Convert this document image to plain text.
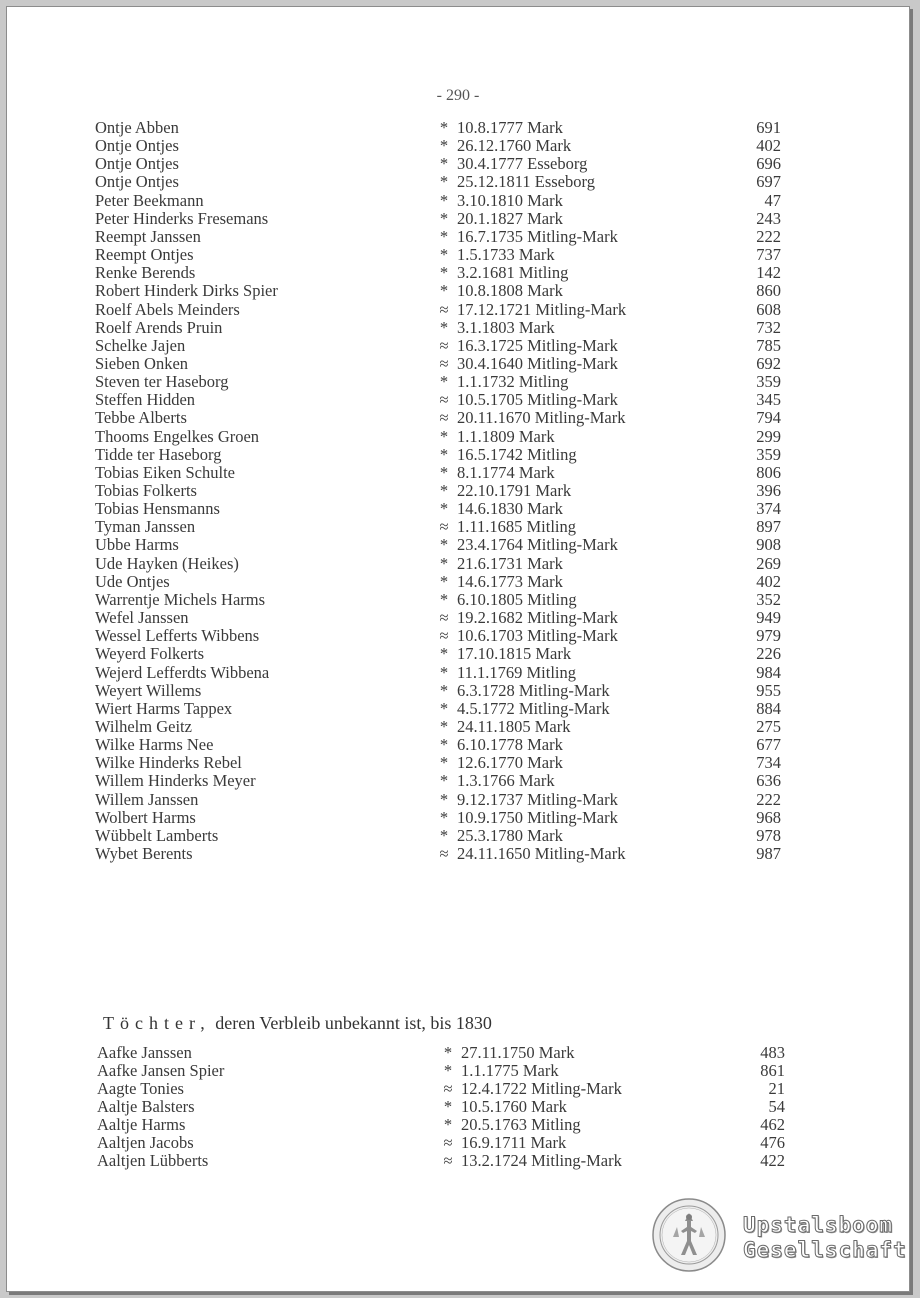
- 290 -
Ontje Abben	* 10.8.1777 Mark	691
Ontje Ontjes	* 26.12.1760 Mark	402
Ontje Ontjes	* 30.4.1777 Esseborg	696
Ontje Ontjes	* 25.12.1811 Esseborg	697
Peter Beekmann	* 3.10.1810 Mark	47
Peter Hinderks Fresemans	* 20.1.1827 Mark	243
Reempt Janssen	* 16.7.1735 Mitling-Mark	222
Reempt Ontjes	* 1.5.1733 Mark	737
Renke Berends	* 3.2.1681 Mitling	142
Robert Hinderk Dirks Spier	* 10.8.1808 Mark	860
Roelf Abels Meinders	≈ 17.12.1721 Mitling-Mark	608
Roelf Arends Pruin	* 3.1.1803 Mark	732
Schelke Jajen	≈ 16.3.1725 Mitling-Mark	785
Sieben Onken	≈ 30.4.1640 Mitling-Mark	692
Steven ter Haseborg	* 1.1.1732 Mitling	359
Steffen Hidden	≈ 10.5.1705 Mitling-Mark	345
Tebbe Alberts	≈ 20.11.1670 Mitling-Mark	794
Thooms Engelkes Groen	* 1.1.1809 Mark	299
Tidde ter Haseborg	* 16.5.1742 Mitling	359
Tobias Eiken Schulte	* 8.1.1774 Mark	806
Tobias Folkerts	* 22.10.1791 Mark	396
Tobias Hensmanns	* 14.6.1830 Mark	374
Tyman Janssen	≈ 1.11.1685 Mitling	897
Ubbe Harms	* 23.4.1764 Mitling-Mark	908
Ude Hayken (Heikes)	* 21.6.1731 Mark	269
Ude Ontjes	* 14.6.1773 Mark	402
Warrentje Michels Harms	* 6.10.1805 Mitling	352
Wefel Janssen	≈ 19.2.1682 Mitling-Mark	949
Wessel Lefferts Wibbens	≈ 10.6.1703 Mitling-Mark	979
Weyerd Folkerts	* 17.10.1815 Mark	226
Wejerd Lefferdts Wibbena	* 11.1.1769 Mitling	984
Weyert Willems	* 6.3.1728 Mitling-Mark	955
Wiert Harms Tappex	* 4.5.1772 Mitling-Mark	884
Wilhelm Geitz	* 24.11.1805 Mark	275
Wilke Harms Nee	* 6.10.1778 Mark	677
Wilke Hinderks Rebel	* 12.6.1770 Mark	734
Willem Hinderks Meyer	* 1.3.1766 Mark	636
Willem Janssen	* 9.12.1737 Mitling-Mark	222
Wolbert Harms	* 10.9.1750 Mitling-Mark	968
Wübbelt Lamberts	* 25.3.1780 Mark	978
Wybet Berents	≈ 24.11.1650 Mitling-Mark	987
Töchter, deren Verbleib unbekannt ist, bis 1830
Aafke Janssen	* 27.11.1750 Mark	483
Aafke Jansen Spier	* 1.1.1775 Mark	861
Aagte Tonies	≈ 12.4.1722 Mitling-Mark	21
Aaltje Balsters	* 10.5.1760 Mark	54
Aaltje Harms	* 20.5.1763 Mitling	462
Aaltjen Jacobs	≈ 16.9.1711 Mark	476
Aaltjen Lübberts	≈ 13.2.1724 Mitling-Mark	422
Upstalsboom
Gesellschaft
